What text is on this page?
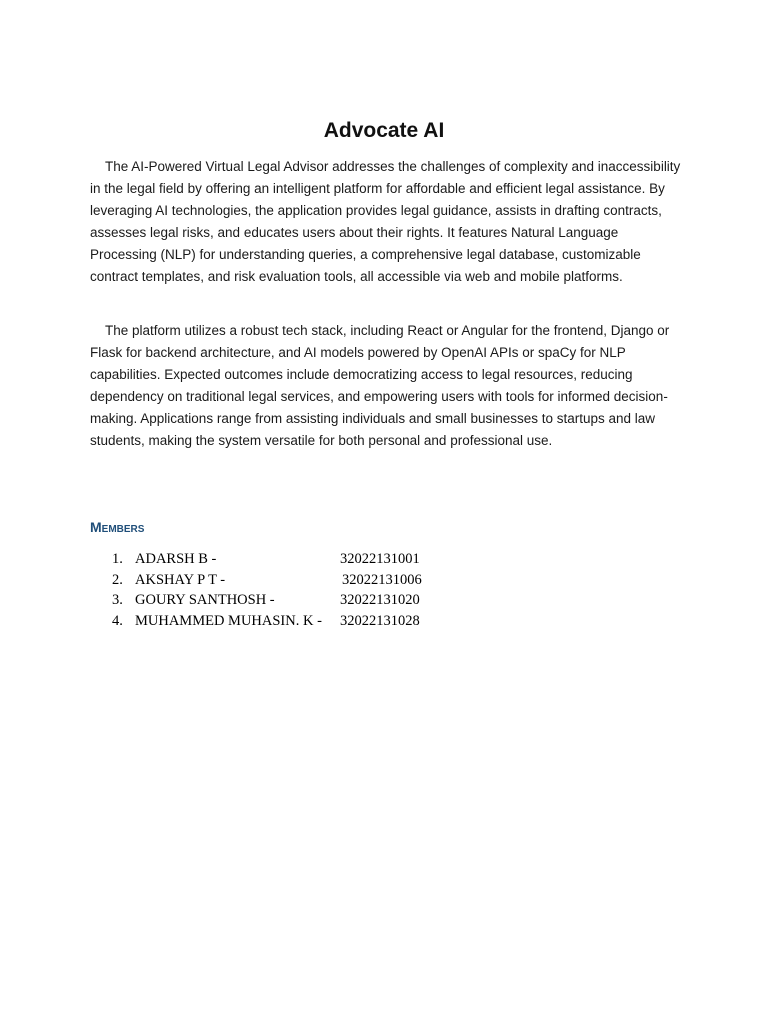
Advocate AI

The AI-Powered Virtual Legal Advisor addresses the challenges of complexity and inaccessibility in the legal field by offering an intelligent platform for affordable and efficient legal assistance. By leveraging AI technologies, the application provides legal guidance, assists in drafting contracts, assesses legal risks, and educates users about their rights. It features Natural Language Processing (NLP) for understanding queries, a comprehensive legal database, customizable contract templates, and risk evaluation tools, all accessible via web and mobile platforms.

The platform utilizes a robust tech stack, including React or Angular for the frontend, Django or Flask for backend architecture, and AI models powered by OpenAI APIs or spaCy for NLP capabilities. Expected outcomes include democratizing access to legal resources, reducing dependency on traditional legal services, and empowering users with tools for informed decision-making. Applications range from assisting individuals and small businesses to startups and law students, making the system versatile for both personal and professional use.

Members
1. ADARSH B -	32022131001
2. AKSHAY P T -	32022131006
3. GOURY SANTHOSH -	32022131020
4. MUHAMMED MUHASIN. K - 32022131028
